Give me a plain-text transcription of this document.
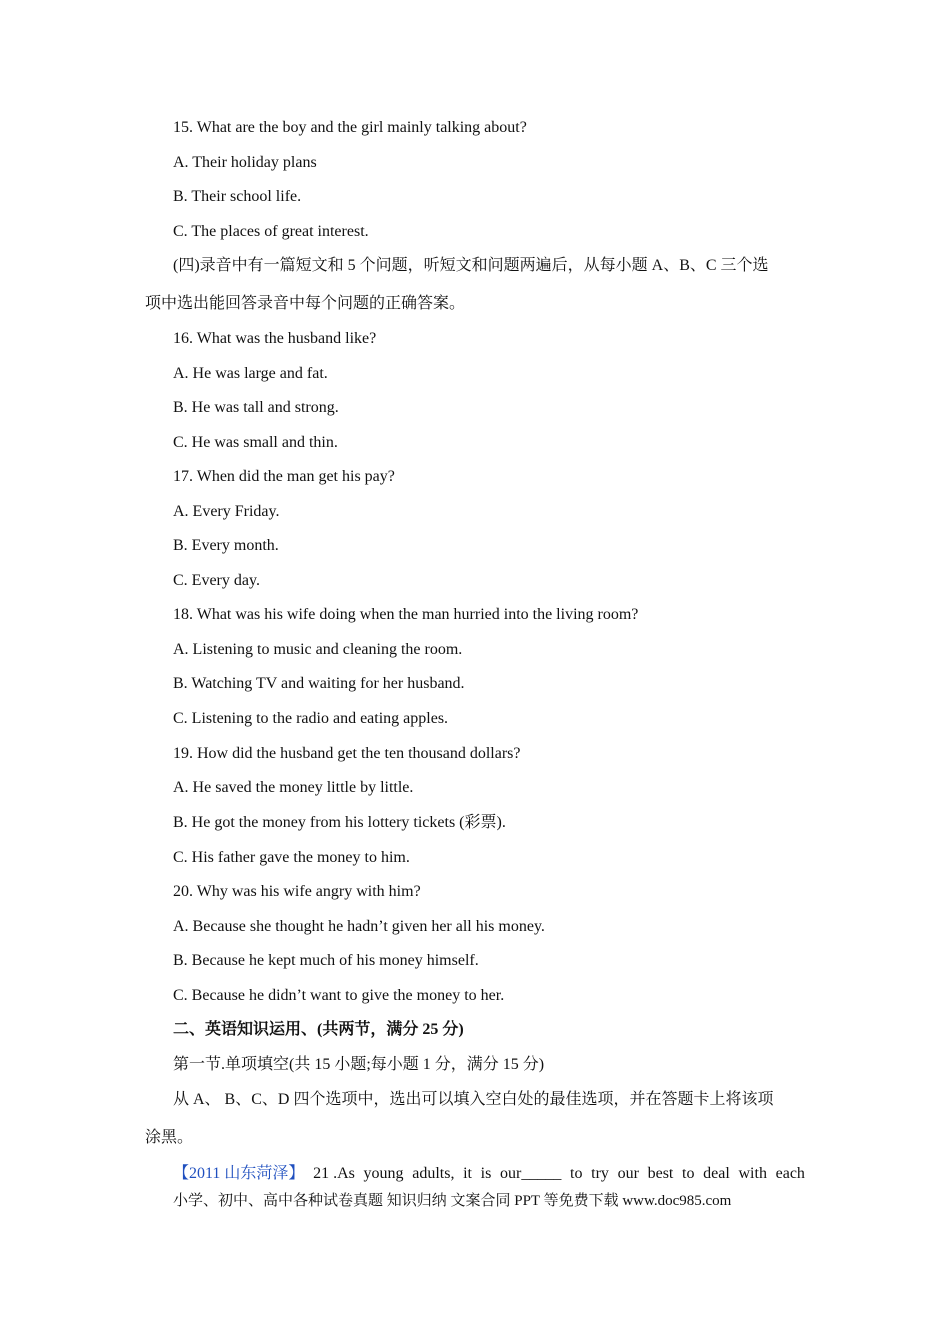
15. What are the boy and the girl mainly talking about?
A. Their holiday plans
B. Their school life.
C. The places of great interest.
(四)录音中有一篇短文和 5 个问题，听短文和问题两遍后，从每小题 A、B、C 三个选
项中选出能回答录音中每个问题的正确答案。
16. What was the husband like?
A. He was large and fat.
B. He was tall and strong.
C. He was small and thin.
17. When did the man get his pay?
A. Every Friday.
B. Every month.
C. Every day.
18. What was his wife doing when the man hurried into the living room?
A. Listening to music and cleaning the room.
B. Watching TV and waiting for her husband.
C. Listening to the radio and eating apples.
19. How did the husband get the ten thousand dollars?
A. He saved the money little by little.
B. He got the money from his lottery tickets (彩票).
C. His father gave the money to him.
20. Why was his wife angry with him?
A. Because she thought he hadn’t given her all his money.
B. Because he kept much of his money himself.
C. Because he didn’t want to give the money to her.
二、英语知识运用、(共两节，满分 25 分)
第一节.单项填空(共 15 小题;每小题 1 分，满分 15 分)
从 A、 B、C、D 四个选项中，选出可以填入空白处的最佳选项，并在答题卡上将该项
涂黑。
【2011 山东菏泽】 21 .As young adults, it is our_____ to try our best to deal with each
小学、初中、高中各种试卷真题 知识归纳 文案合同 PPT 等免费下载 www.doc985.com
